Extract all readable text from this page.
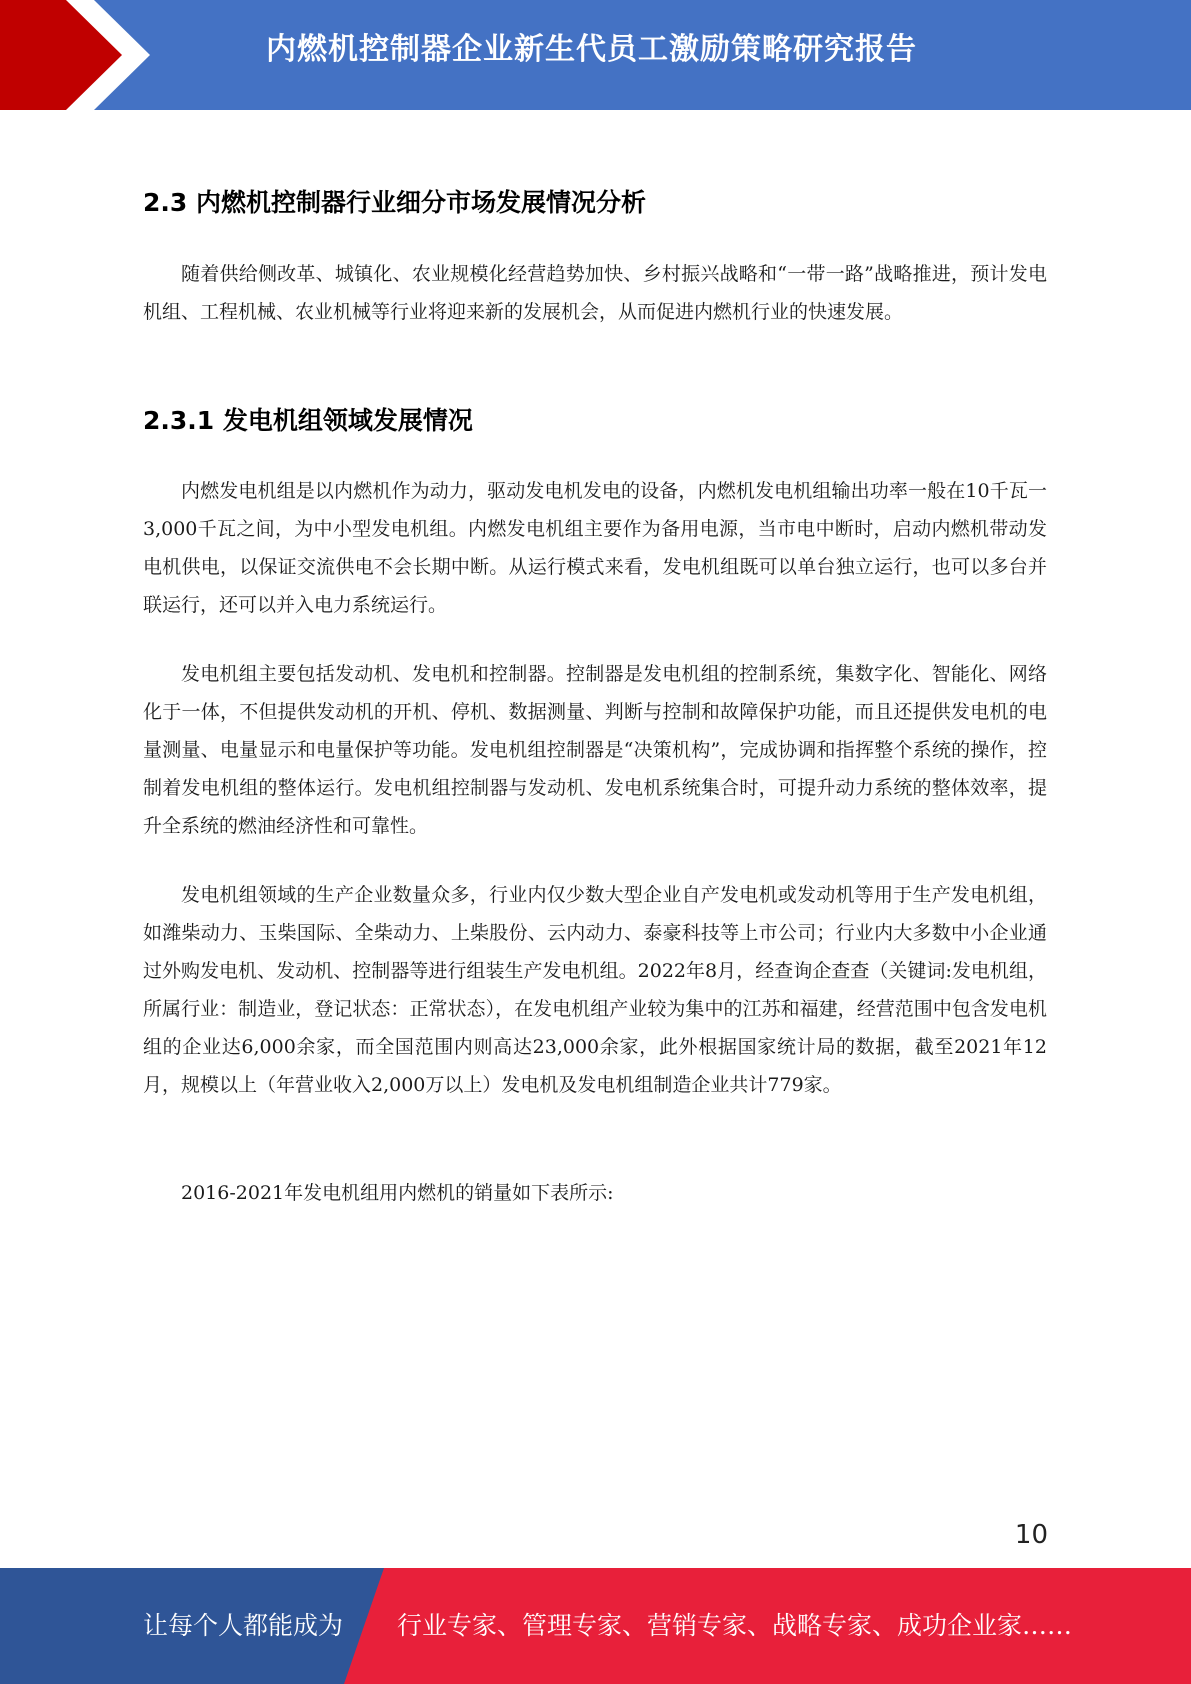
内燃机控制器企业新生代员工激励策略研究报告
2.3 内燃机控制器行业细分市场发展情况分析

随着供给侧改革、城镇化、农业规模化经营趋势加快、乡村振兴战略和“一带一路”战略推进，预计发电机组、工程机械、农业机械等行业将迎来新的发展机会，从而促进内燃机行业的快速发展。

2.3.1 发电机组领域发展情况

内燃发电机组是以内燃机作为动力，驱动发电机发电的设备，内燃机发电机组输出功率一般在10千瓦一3,000千瓦之间，为中小型发电机组。内燃发电机组主要作为备用电源，当市电中断时，启动内燃机带动发电机供电，以保证交流供电不会长期中断。从运行模式来看，发电机组既可以单台独立运行，也可以多台并联运行，还可以并入电力系统运行。

发电机组主要包括发动机、发电机和控制器。控制器是发电机组的控制系统，集数字化、智能化、网络化于一体，不但提供发动机的开机、停机、数据测量、判断与控制和故障保护功能，而且还提供发电机的电量测量、电量显示和电量保护等功能。发电机组控制器是“决策机构”，完成协调和指挥整个系统的操作，控制着发电机组的整体运行。发电机组控制器与发动机、发电机系统集合时，可提升动力系统的整体效率，提升全系统的燃油经济性和可靠性。

发电机组领域的生产企业数量众多，行业内仅少数大型企业自产发电机或发动机等用于生产发电机组，如潍柴动力、玉柴国际、全柴动力、上柴股份、云内动力、泰豪科技等上市公司；行业内大多数中小企业通过外购发电机、发动机、控制器等进行组装生产发电机组。2022年8月，经查询企查查（关键词:发电机组，所属行业：制造业，登记状态：正常状态），在发电机组产业较为集中的江苏和福建，经营范围中包含发电机组的企业达6,000余家，而全国范围内则高达23,000余家，此外根据国家统计局的数据，截至2021年12月，规模以上（年营业收入2,000万以上）发电机及发电机组制造企业共计779家。

2016-2021年发电机组用内燃机的销量如下表所示:

10
让每个人都能成为 行业专家、管理专家、营销专家、战略专家、成功企业家……
